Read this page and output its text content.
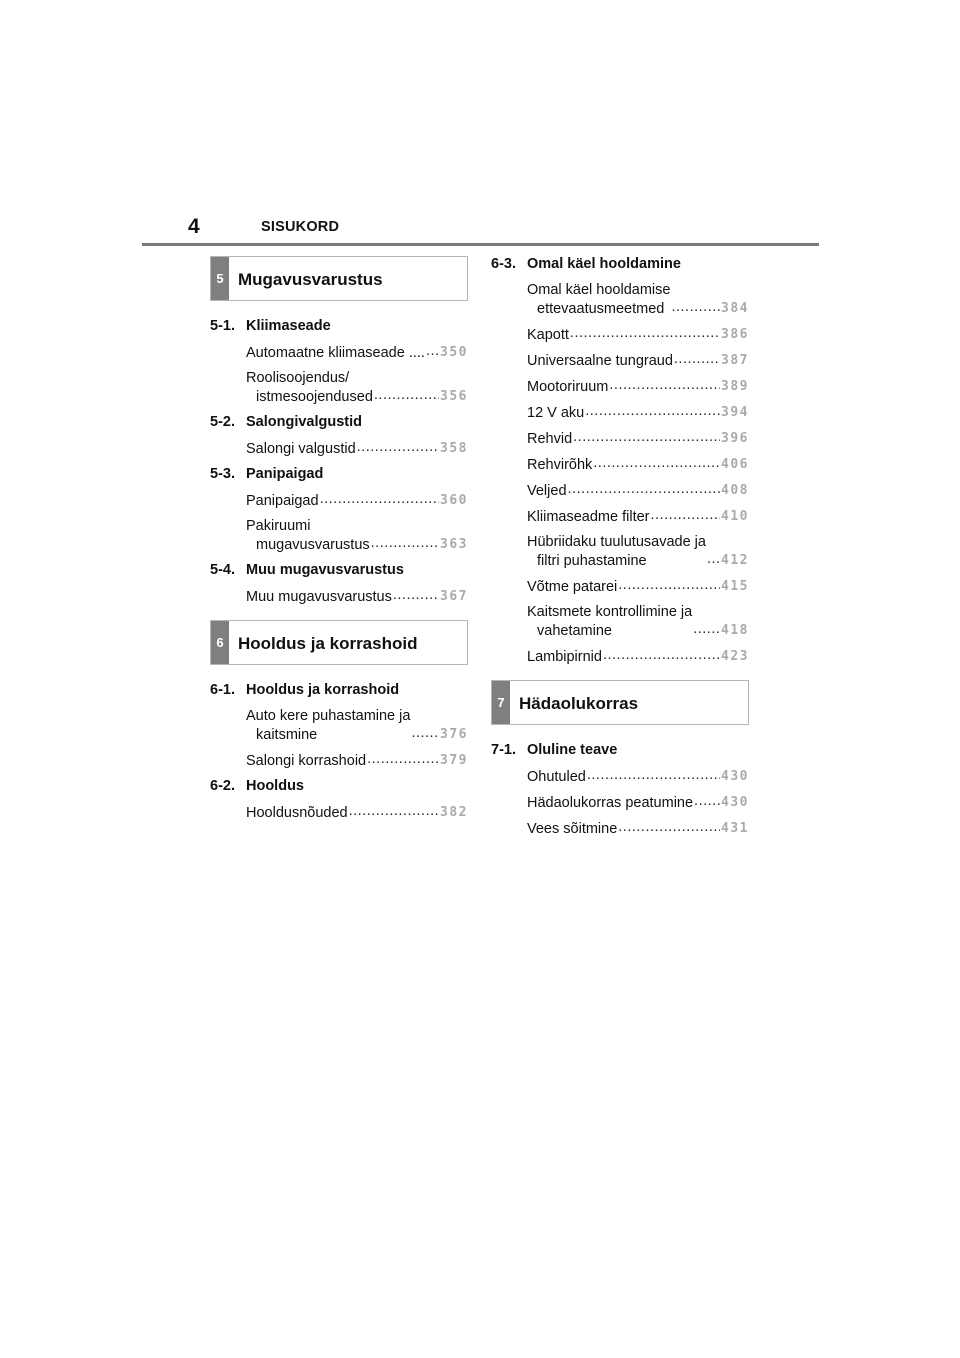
4	SISUKORD
5 Mugavusvarustus
5-1. Kliimaseade
Automaatne kliimaseade .... ..... 350
Roolisoojendus/
istmesoojendused .....	356
5-2. Salongivalgustid
Salongi valgustid .....	358
5-3. Panipaigad
Panipaigad .....	360
Pakiruumi
mugavusvarustus .....	363
5-4. Muu mugavusvarustus
Muu mugavusvarustus .....	367
6 Hooldus ja korrashoid
6-1. Hooldus ja korrashoid
Auto kere puhastamine ja
kaitsmine .....	376
Salongi korrashoid .....	379
6-2. Hooldus
Hooldusnõuded .....	382
6-3. Omal käel hooldamine
Omal käel hooldamise
ettevaatusmeetmed .....	384
Kapott .....	386
Universaalne tungraud .....	387
Mootoriruum .....	389
12 V aku .....	394
Rehvid .....	396
Rehvirõhk .....	406
Veljed .....	408
Kliimaseadme filter .....	410
Hübriidaku tuulutusavade ja
filtri puhastamine .....	412
Võtme patarei .....	415
Kaitsmete kontrollimine ja
vahetamine .....	418
Lambipirnid .....	423
7 Hädaolukorras
7-1. Oluline teave
Ohutuled .....	430
Hädaolukorras peatumine ..... 430
Vees sõitmine .....	431
